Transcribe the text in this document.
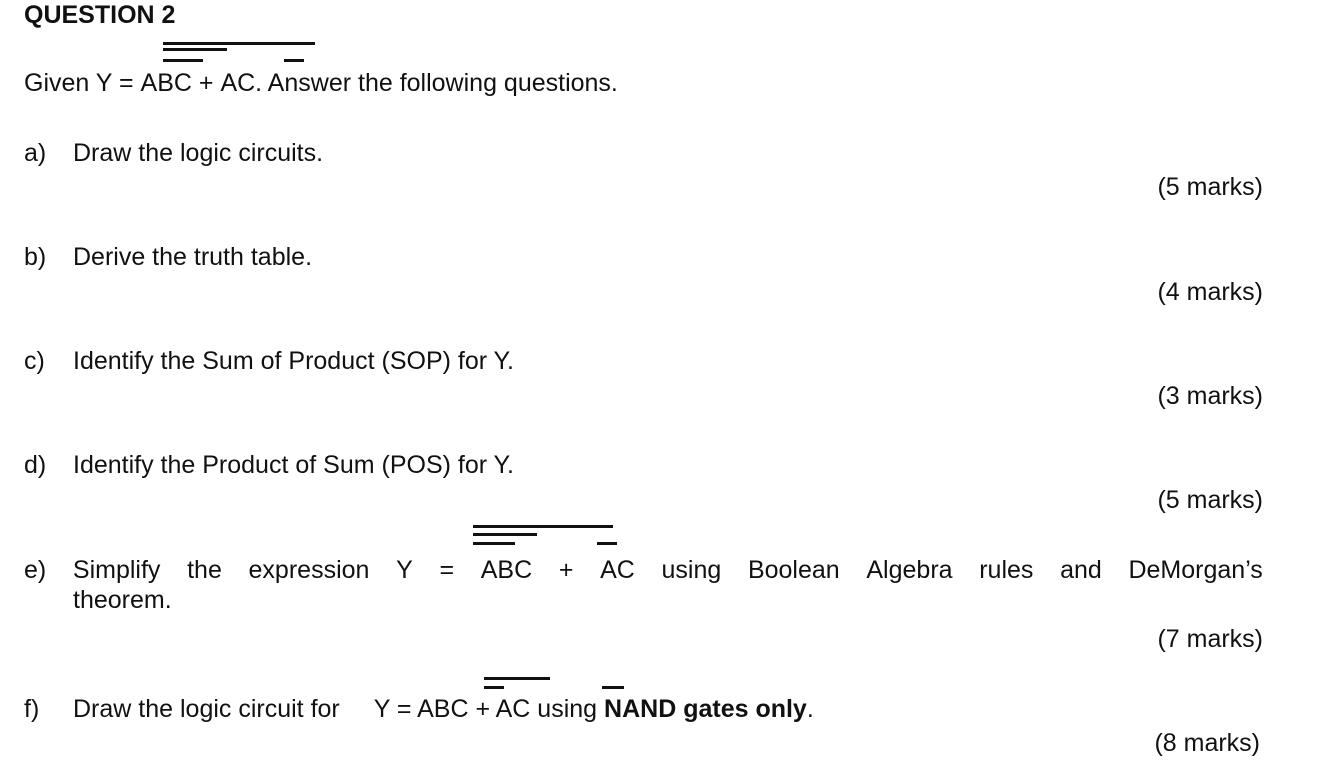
QUESTION 2
Given Y = ABC + AC. Answer the following questions.
a) Draw the logic circuits.
(5 marks)
b) Derive the truth table.
(4 marks)
c) Identify the Sum of Product (SOP) for Y.
(3 marks)
d) Identify the Product of Sum (POS) for Y.
(5 marks)
e) Simplify the expression Y = ABC + AC using Boolean Algebra rules and DeMorgan’s
theorem.
(7 marks)
f) Draw the logic circuit for Y = ABC + AC using NAND gates only.
(8 marks)
